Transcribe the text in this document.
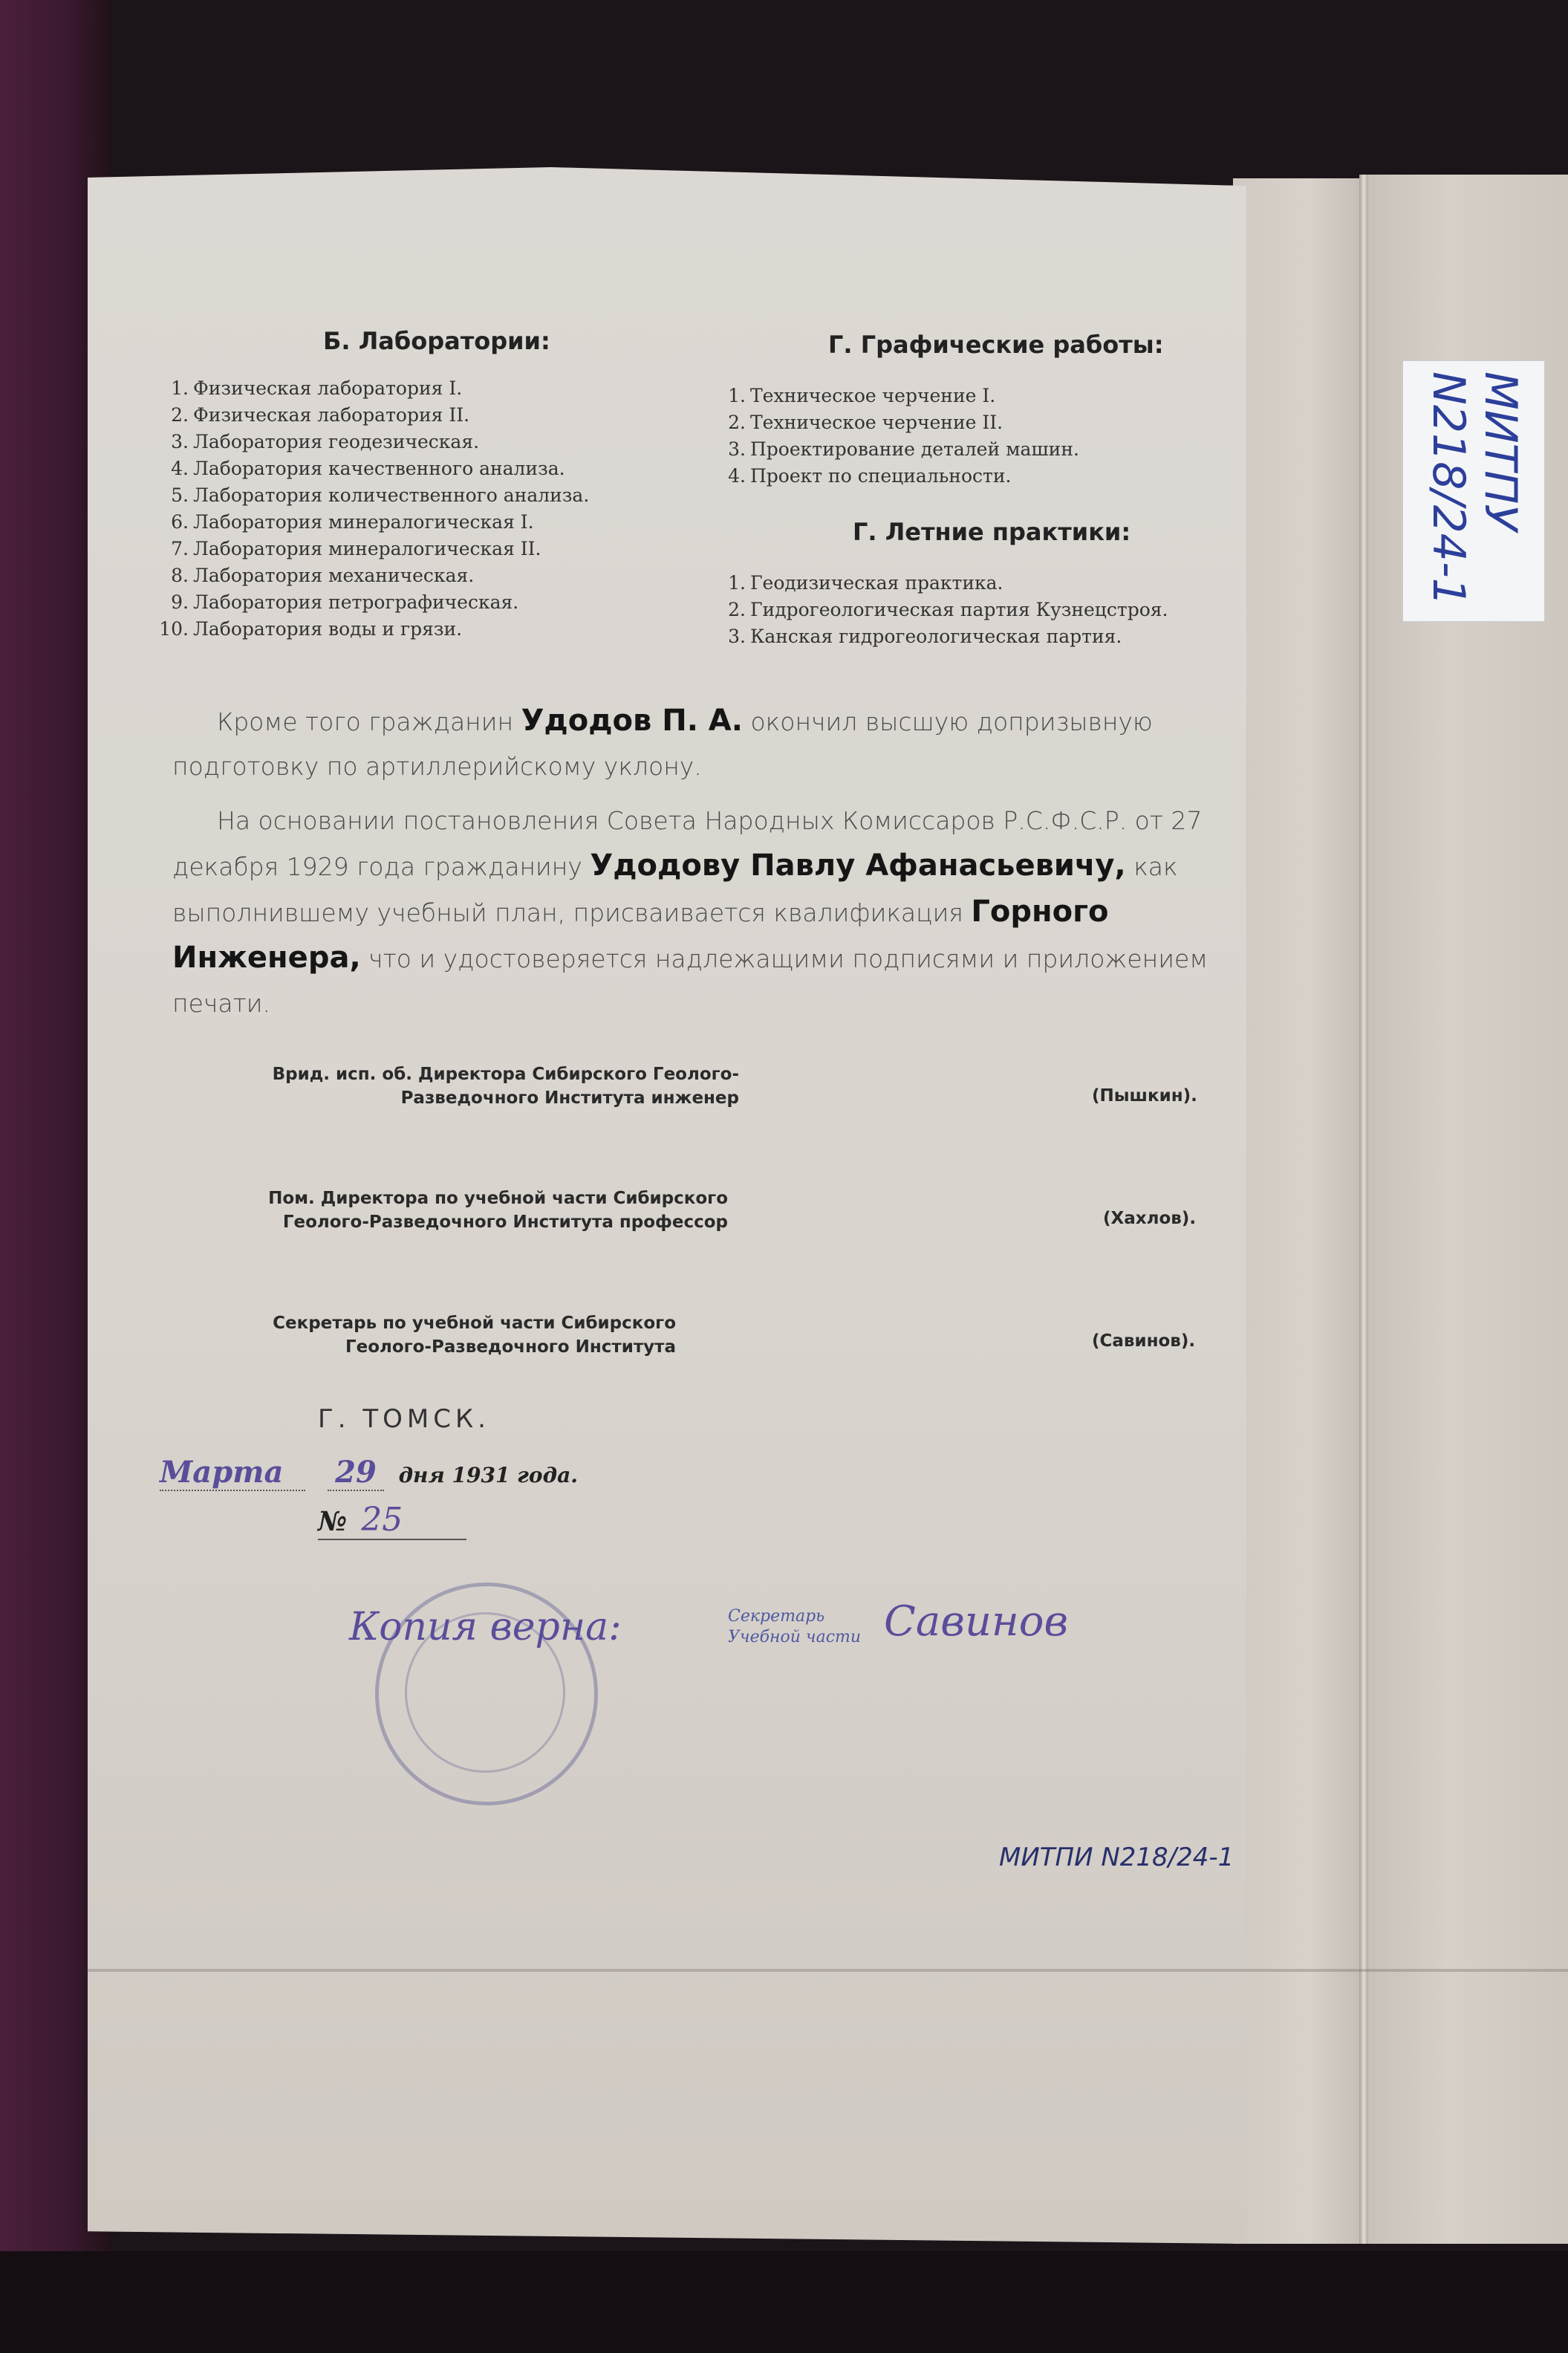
МИТПУ N218/24-1
Б. Лаборатории:
1. Физическая лаборатория I.
2. Физическая лаборатория II.
3. Лаборатория геодезическая.
4. Лаборатория качественного анализа.
5. Лаборатория количественного анализа.
6. Лаборатория минералогическая I.
7. Лаборатория минералогическая II.
8. Лаборатория механическая.
9. Лаборатория петрографическая.
10. Лаборатория воды и грязи.
Г. Графические работы:
1. Техническое черчение I.
2. Техническое черчение II.
3. Проектирование деталей машин.
4. Проект по специальности.
Г. Летние практики:
1. Геодизическая практика.
2. Гидрогеологическая партия Кузнецстроя.
3. Канская гидрогеологическая партия.
Кроме того гражданин Удодов П. А. окончил высшую допризывную подготовку по артиллерийскому уклону.
На основании постановления Совета Народных Комиссаров Р.С.Ф.С.Р. от 27 декабря 1929 года гражданину Удодову Павлу Афанасьевичу, как выполнившему учебный план, присваивается квалификация Горного Инженера, что и удостоверяется надлежащими подписями и приложением печати.
Врид. исп. об. Директора Сибирского Геолого-
Разведочного Института инженер	(Пышкин).
Пом. Директора по учебной части Сибирского
Геолого-Разведочного Института профессор	(Хахлов).
Секретарь по учебной части Сибирского
Геолого-Разведочного Института	(Савинов).
Г. ТОМСК.
Марта 29 дня 1931 года.
№ 25
Копия верна:	Секретарь
Учебной части Савинов
МИТПИ N218/24-1
